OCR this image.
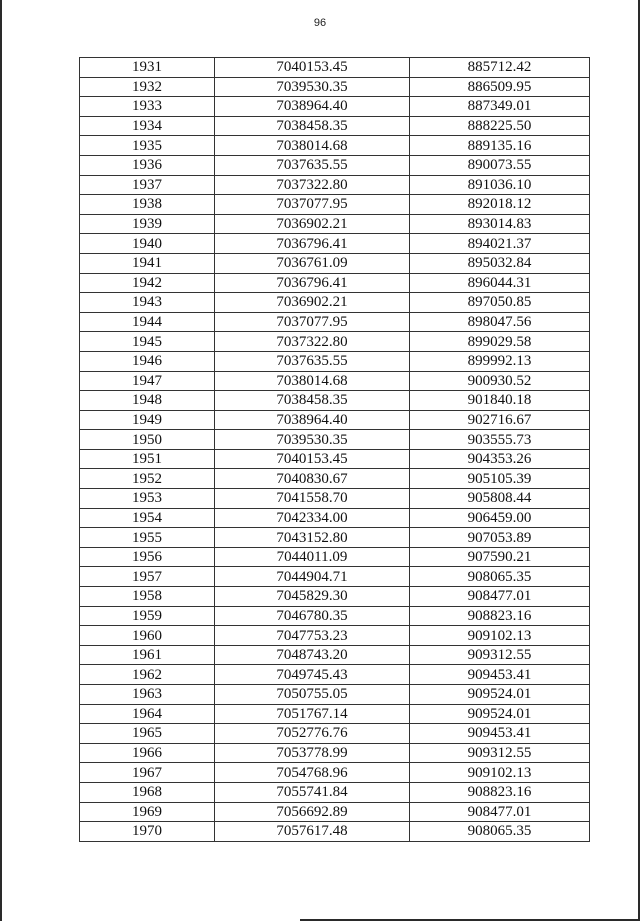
96
1931	7040153.45	885712.42
1932	7039530.35	886509.95
1933	7038964.40	887349.01
1934	7038458.35	888225.50
1935	7038014.68	889135.16
1936	7037635.55	890073.55
1937	7037322.80	891036.10
1938	7037077.95	892018.12
1939	7036902.21	893014.83
1940	7036796.41	894021.37
1941	7036761.09	895032.84
1942	7036796.41	896044.31
1943	7036902.21	897050.85
1944	7037077.95	898047.56
1945	7037322.80	899029.58
1946	7037635.55	899992.13
1947	7038014.68	900930.52
1948	7038458.35	901840.18
1949	7038964.40	902716.67
1950	7039530.35	903555.73
1951	7040153.45	904353.26
1952	7040830.67	905105.39
1953	7041558.70	905808.44
1954	7042334.00	906459.00
1955	7043152.80	907053.89
1956	7044011.09	907590.21
1957	7044904.71	908065.35
1958	7045829.30	908477.01
1959	7046780.35	908823.16
1960	7047753.23	909102.13
1961	7048743.20	909312.55
1962	7049745.43	909453.41
1963	7050755.05	909524.01
1964	7051767.14	909524.01
1965	7052776.76	909453.41
1966	7053778.99	909312.55
1967	7054768.96	909102.13
1968	7055741.84	908823.16
1969	7056692.89	908477.01
1970	7057617.48	908065.35
